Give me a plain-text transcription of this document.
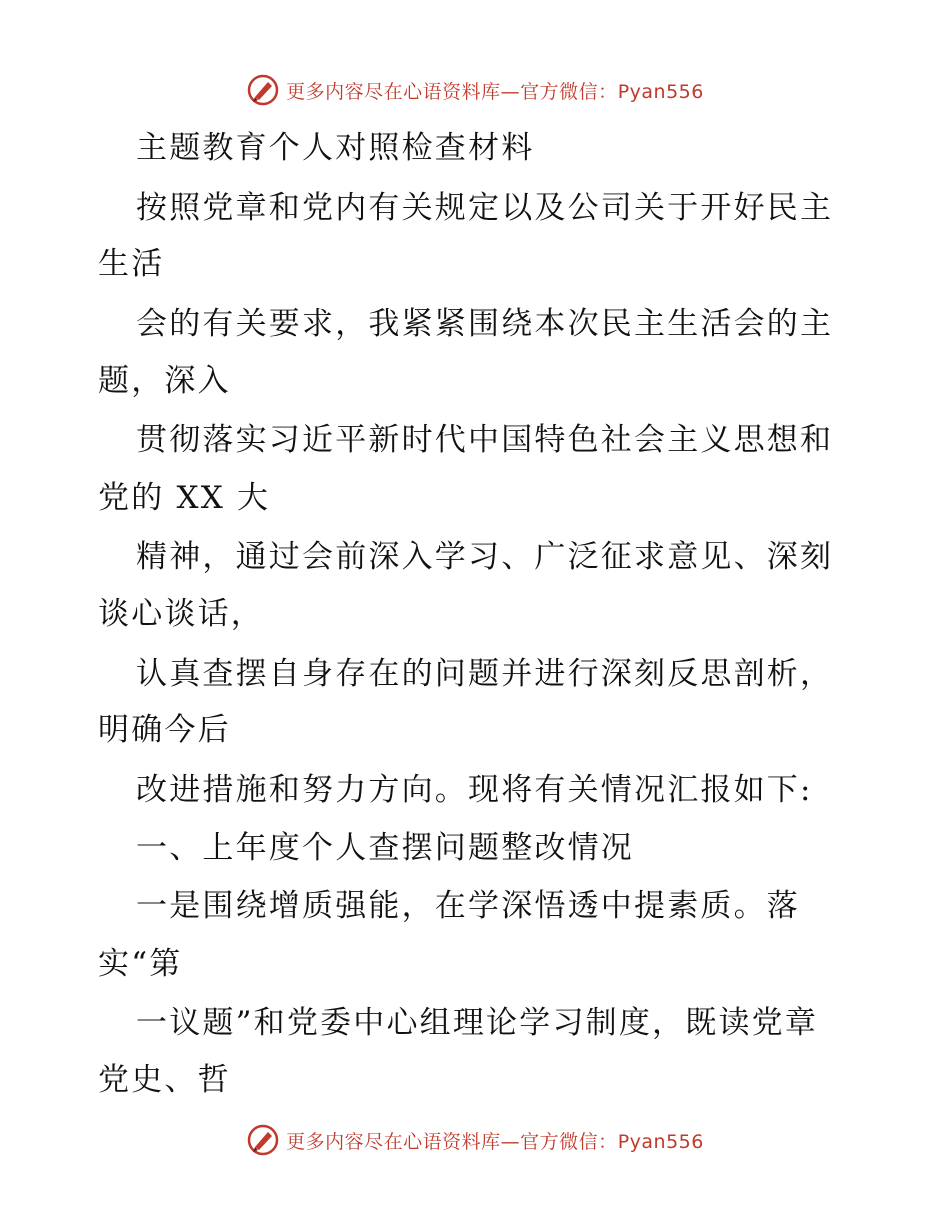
更多内容尽在心语资料库—官方微信：Pyan556
主题教育个人对照检查材料
按照党章和党内有关规定以及公司关于开好民主
生活
会的有关要求，我紧紧围绕本次民主生活会的主
题，深入
贯彻落实习近平新时代中国特色社会主义思想和
党的 XX 大
精神，通过会前深入学习、广泛征求意见、深刻
谈心谈话，
认真查摆自身存在的问题并进行深刻反思剖析，
明确今后
改进措施和努力方向。现将有关情况汇报如下:
一、上年度个人查摆问题整改情况
一是围绕增质强能，在学深悟透中提素质。落
实“第
一议题”和党委中心组理论学习制度，既读党章
党史、哲
更多内容尽在心语资料库—官方微信：Pyan556
